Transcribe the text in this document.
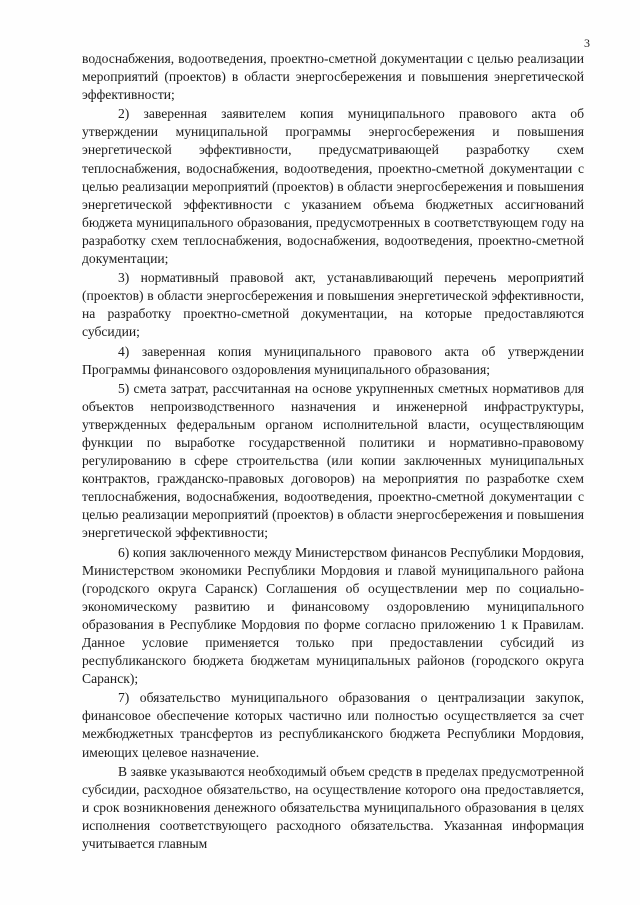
3

водоснабжения, водоотведения, проектно-сметной документации с целью реализации мероприятий (проектов) в области энергосбережения и повышения энергетической эффективности;

2) заверенная заявителем копия муниципального правового акта об утверждении муниципальной программы энергосбережения и повышения энергетической эффективности, предусматривающей разработку схем теплоснабжения, водоснабжения, водоотведения, проектно-сметной документации с целью реализации мероприятий (проектов) в области энергосбережения и повышения энергетической эффективности с указанием объема бюджетных ассигнований бюджета муниципального образования, предусмотренных в соответствующем году на разработку схем теплоснабжения, водоснабжения, водоотведения, проектно-сметной документации;

3) нормативный правовой акт, устанавливающий перечень мероприятий (проектов) в области энергосбережения и повышения энергетической эффективности, на разработку проектно-сметной документации, на которые предоставляются субсидии;

4) заверенная копия муниципального правового акта об утверждении Программы финансового оздоровления муниципального образования;

5) смета затрат, рассчитанная на основе укрупненных сметных нормативов для объектов непроизводственного назначения и инженерной инфраструктуры, утвержденных федеральным органом исполнительной власти, осуществляющим функции по выработке государственной политики и нормативно-правовому регулированию в сфере строительства (или копии заключенных муниципальных контрактов, гражданско-правовых договоров) на мероприятия по разработке схем теплоснабжения, водоснабжения, водоотведения, проектно-сметной документации с целью реализации мероприятий (проектов) в области энергосбережения и повышения энергетической эффективности;

6) копия заключенного между Министерством финансов Республики Мордовия, Министерством экономики Республики Мордовия и главой муниципального района (городского округа Саранск) Соглашения об осуществлении мер по социально-экономическому развитию и финансовому оздоровлению муниципального образования в Республике Мордовия по форме согласно приложению 1 к Правилам. Данное условие применяется только при предоставлении субсидий из республиканского бюджета бюджетам муниципальных районов (городского округа Саранск);

7) обязательство муниципального образования о централизации закупок, финансовое обеспечение которых частично или полностью осуществляется за счет межбюджетных трансфертов из республиканского бюджета Республики Мордовия, имеющих целевое назначение.

В заявке указываются необходимый объем средств в пределах предусмотренной субсидии, расходное обязательство, на осуществление которого она предоставляется, и срок возникновения денежного обязательства муниципального образования в целях исполнения соответствующего расходного обязательства. Указанная информация учитывается главным
